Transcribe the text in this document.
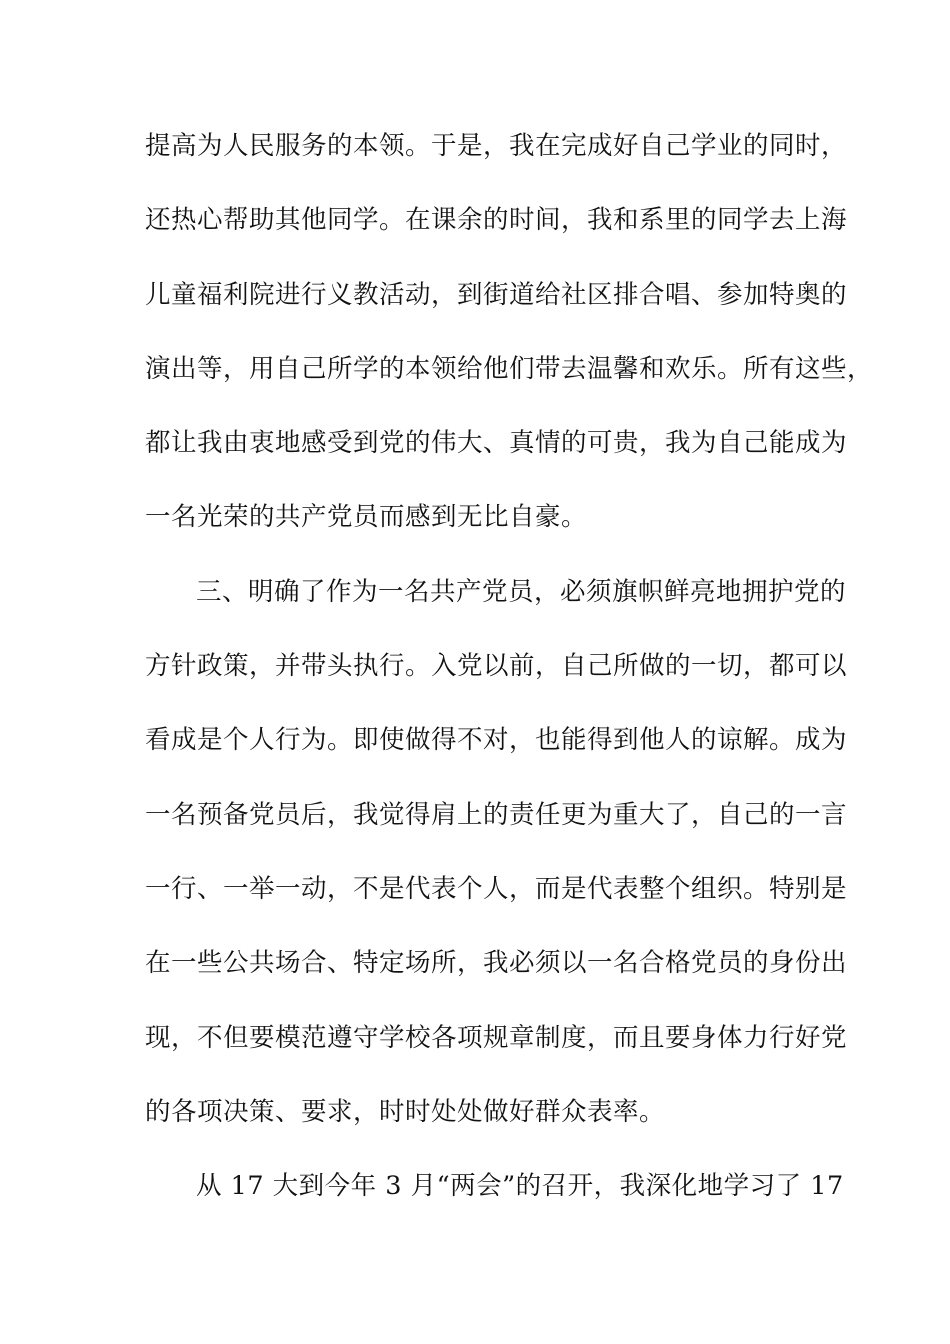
提高为人民服务的本领。于是，我在完成好自己学业的同时，
还热心帮助其他同学。在课余的时间，我和系里的同学去上海
儿童福利院进行义教活动，到街道给社区排合唱、参加特奥的
演出等，用自己所学的本领给他们带去温馨和欢乐。所有这些，
都让我由衷地感受到党的伟大、真情的可贵，我为自己能成为
一名光荣的共产党员而感到无比自豪。
三、明确了作为一名共产党员，必须旗帜鲜亮地拥护党的
方针政策，并带头执行。入党以前，自己所做的一切，都可以
看成是个人行为。即使做得不对，也能得到他人的谅解。成为
一名预备党员后，我觉得肩上的责任更为重大了，自己的一言
一行、一举一动，不是代表个人，而是代表整个组织。特别是
在一些公共场合、特定场所，我必须以一名合格党员的身份出
现，不但要模范遵守学校各项规章制度，而且要身体力行好党
的各项决策、要求，时时处处做好群众表率。
从 17 大到今年 3 月“两会”的召开，我深化地学习了 17
